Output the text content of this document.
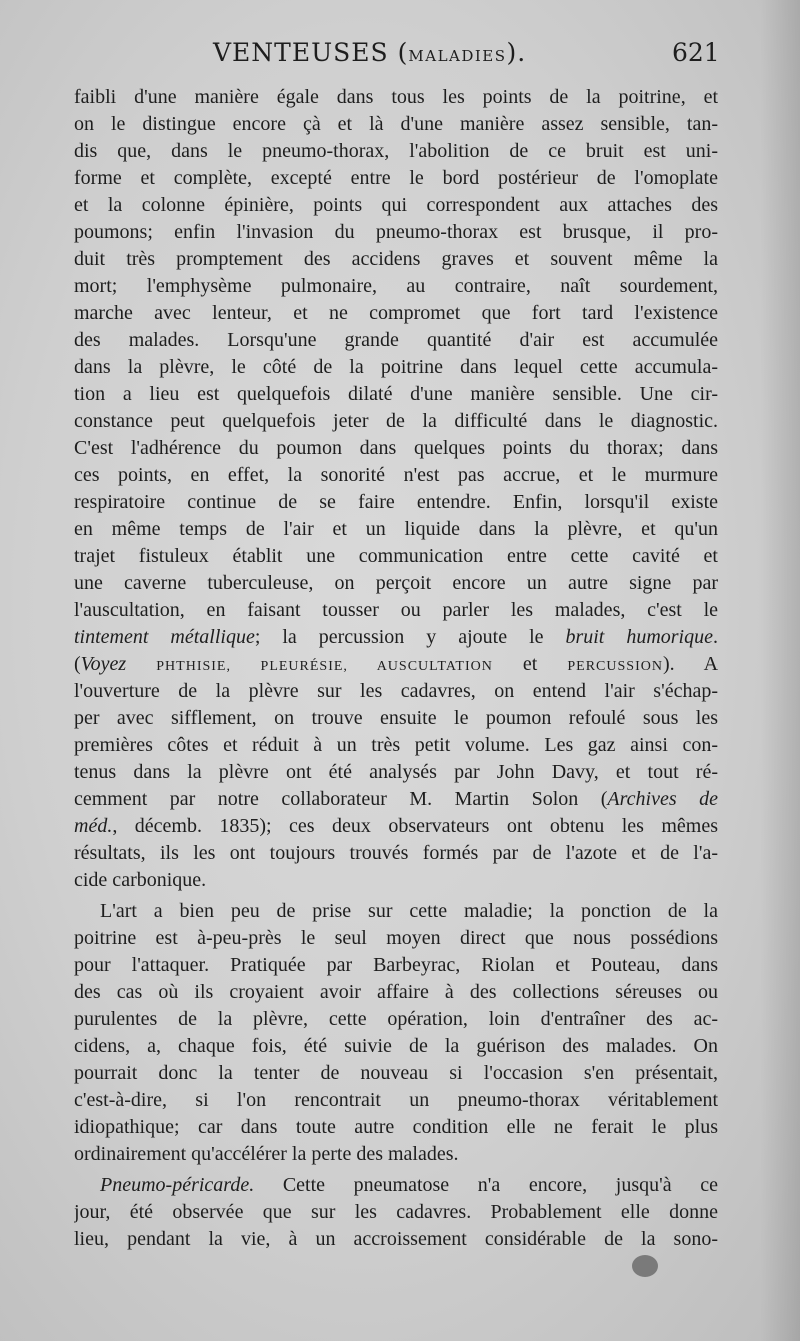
VENTEUSES (MALADIES).	621
faibli d'une manière égale dans tous les points de la poitrine, et
on le distingue encore çà et là d'une manière assez sensible, tan-
dis que, dans le pneumo-thorax, l'abolition de ce bruit est uni-
forme et complète, excepté entre le bord postérieur de l'omoplate
et la colonne épinière, points qui correspondent aux attaches des
poumons; enfin l'invasion du pneumo-thorax est brusque, il pro-
duit très promptement des accidens graves et souvent même la
mort; l'emphysème pulmonaire, au contraire, naît sourdement,
marche avec lenteur, et ne compromet que fort tard l'existence
des malades. Lorsqu'une grande quantité d'air est accumulée
dans la plèvre, le côté de la poitrine dans lequel cette accumula-
tion a lieu est quelquefois dilaté d'une manière sensible. Une cir-
constance peut quelquefois jeter de la difficulté dans le diagnostic.
C'est l'adhérence du poumon dans quelques points du thorax; dans
ces points, en effet, la sonorité n'est pas accrue, et le murmure
respiratoire continue de se faire entendre. Enfin, lorsqu'il existe
en même temps de l'air et un liquide dans la plèvre, et qu'un
trajet fistuleux établit une communication entre cette cavité et
une caverne tuberculeuse, on perçoit encore un autre signe par
l'auscultation, en faisant tousser ou parler les malades, c'est le
tintement métallique; la percussion y ajoute le bruit humorique.
(Voyez PHTHISIE, PLEURÉSIE, AUSCULTATION et PERCUSSION). A
l'ouverture de la plèvre sur les cadavres, on entend l'air s'échap-
per avec sifflement, on trouve ensuite le poumon refoulé sous les
premières côtes et réduit à un très petit volume. Les gaz ainsi con-
tenus dans la plèvre ont été analysés par John Davy, et tout ré-
cemment par notre collaborateur M. Martin Solon (Archives de
méd., décemb. 1835); ces deux observateurs ont obtenu les mêmes
résultats, ils les ont toujours trouvés formés par de l'azote et de l'a-
cide carbonique.
L'art a bien peu de prise sur cette maladie; la ponction de la
poitrine est à-peu-près le seul moyen direct que nous possédions
pour l'attaquer. Pratiquée par Barbeyrac, Riolan et Pouteau, dans
des cas où ils croyaient avoir affaire à des collections séreuses ou
purulentes de la plèvre, cette opération, loin d'entraîner des ac-
cidens, a, chaque fois, été suivie de la guérison des malades. On
pourrait donc la tenter de nouveau si l'occasion s'en présentait,
c'est-à-dire, si l'on rencontrait un pneumo-thorax véritablement
idiopathique; car dans toute autre condition elle ne ferait le plus
ordinairement qu'accélérer la perte des malades.
Pneumo-péricarde. Cette pneumatose n'a encore, jusqu'à ce
jour, été observée que sur les cadavres. Probablement elle donne
lieu, pendant la vie, à un accroissement considérable de la sono-
